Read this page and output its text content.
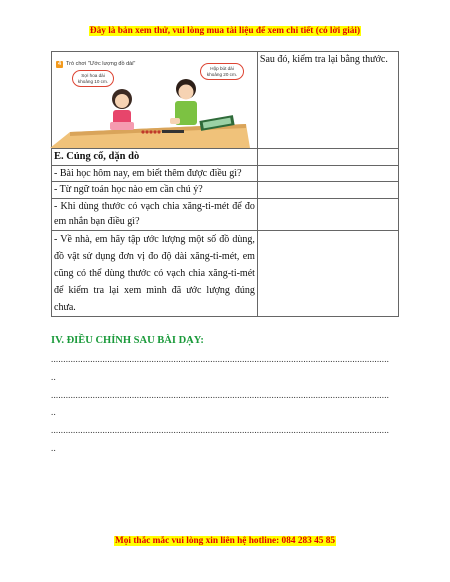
Đây là bản xem thử, vui lòng mua tài liệu để xem chi tiết (có lời giải)
4 Trò chơi "Ước lượng đồ dài"
Sợi hoa dài khoảng 10 cm.
Hộp bút dài khoảng 20 cm.	Sau đó, kiểm tra lại bằng thước.
E. Củng cố, dặn dò	
- Bài học hôm nay, em biết thêm được điều gì?	
- Từ ngữ toán học nào em cần chú ý?	
- Khi dùng thước có vạch chia xăng-ti-mét để đo em nhắn bạn điều gì?	
- Về nhà, em hãy tập ước lượng một số đồ dùng, đồ vật sử dụng đơn vị đo độ dài xăng-ti-mét, em cũng có thể dùng thước có vạch chia xăng-ti-mét để kiểm tra lại xem mình đã ước lượng đúng chưa.	
IV. ĐIỀU CHỈNH SAU BÀI DẠY:
..........................................................................................................................................
..
..........................................................................................................................................
..
..........................................................................................................................................
..
Mọi thắc mắc vui lòng xin liên hệ hotline: 084 283 45 85
